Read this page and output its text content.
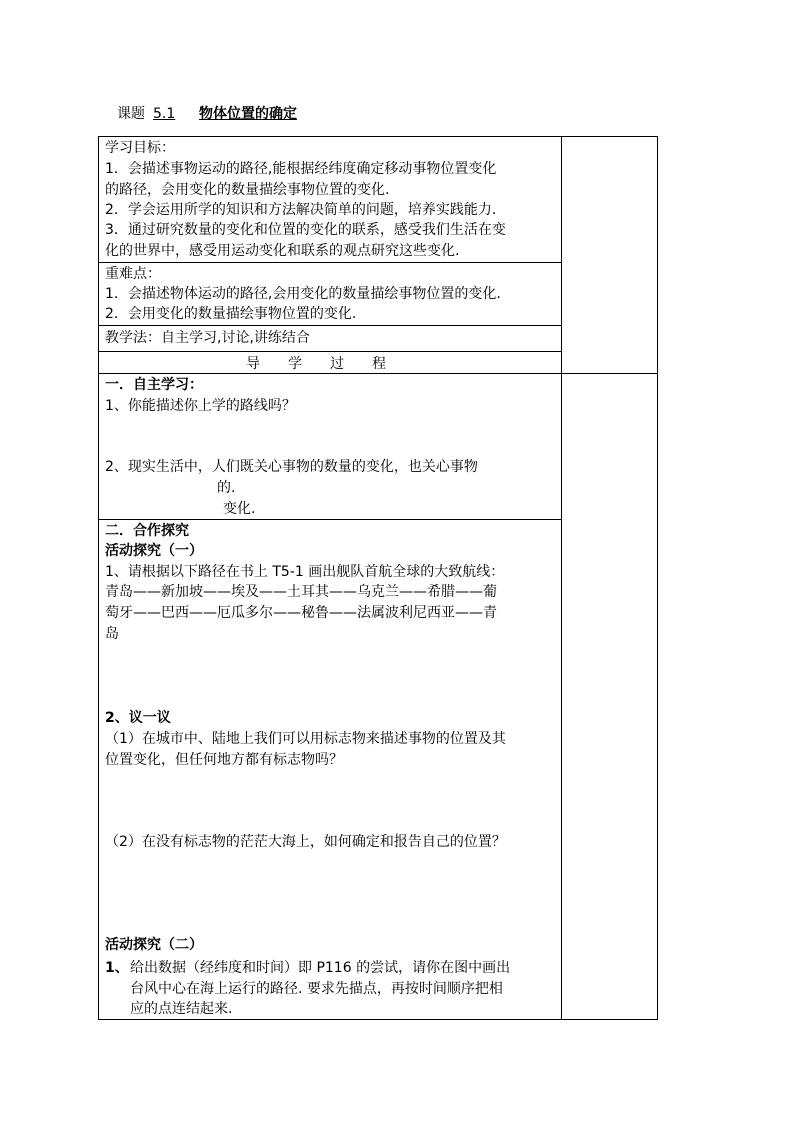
课题 5.1 物体位置的确定
学习目标：
1．会描述事物运动的路径,能根据经纬度确定移动事物位置变化
的路径，会用变化的数量描绘事物位置的变化.
2．学会运用所学的知识和方法解决简单的问题，培养实践能力.
3．通过研究数量的变化和位置的变化的联系，感受我们生活在变
化的世界中，感受用运动变化和联系的观点研究这些变化.
重难点：
1．会描述物体运动的路径,会用变化的数量描绘事物位置的变化.
2．会用变化的数量描绘事物位置的变化.
教学法：自主学习,讨论,讲练结合
导学过程
一．自主学习：
1、你能描述你上学的路线吗？
2、现实生活中，人们既关心事物的数量的变化，也关心事物
的.
变化.
二．合作探究
活动探究（一）
1、请根据以下路径在书上 T5-1 画出舰队首航全球的大致航线：
青岛——新加坡——埃及——土耳其——乌克兰——希腊——葡
萄牙——巴西——厄瓜多尔——秘鲁——法属波利尼西亚——青
岛
2、议一议
（1）在城市中、陆地上我们可以用标志物来描述事物的位置及其
位置变化，但任何地方都有标志物吗？
（2）在没有标志物的茫茫大海上，如何确定和报告自己的位置？
活动探究（二）
1、 给出数据（经纬度和时间）即 P116 的尝试，请你在图中画出
台风中心在海上运行的路径. 要求先描点，再按时间顺序把相
应的点连结起来.
